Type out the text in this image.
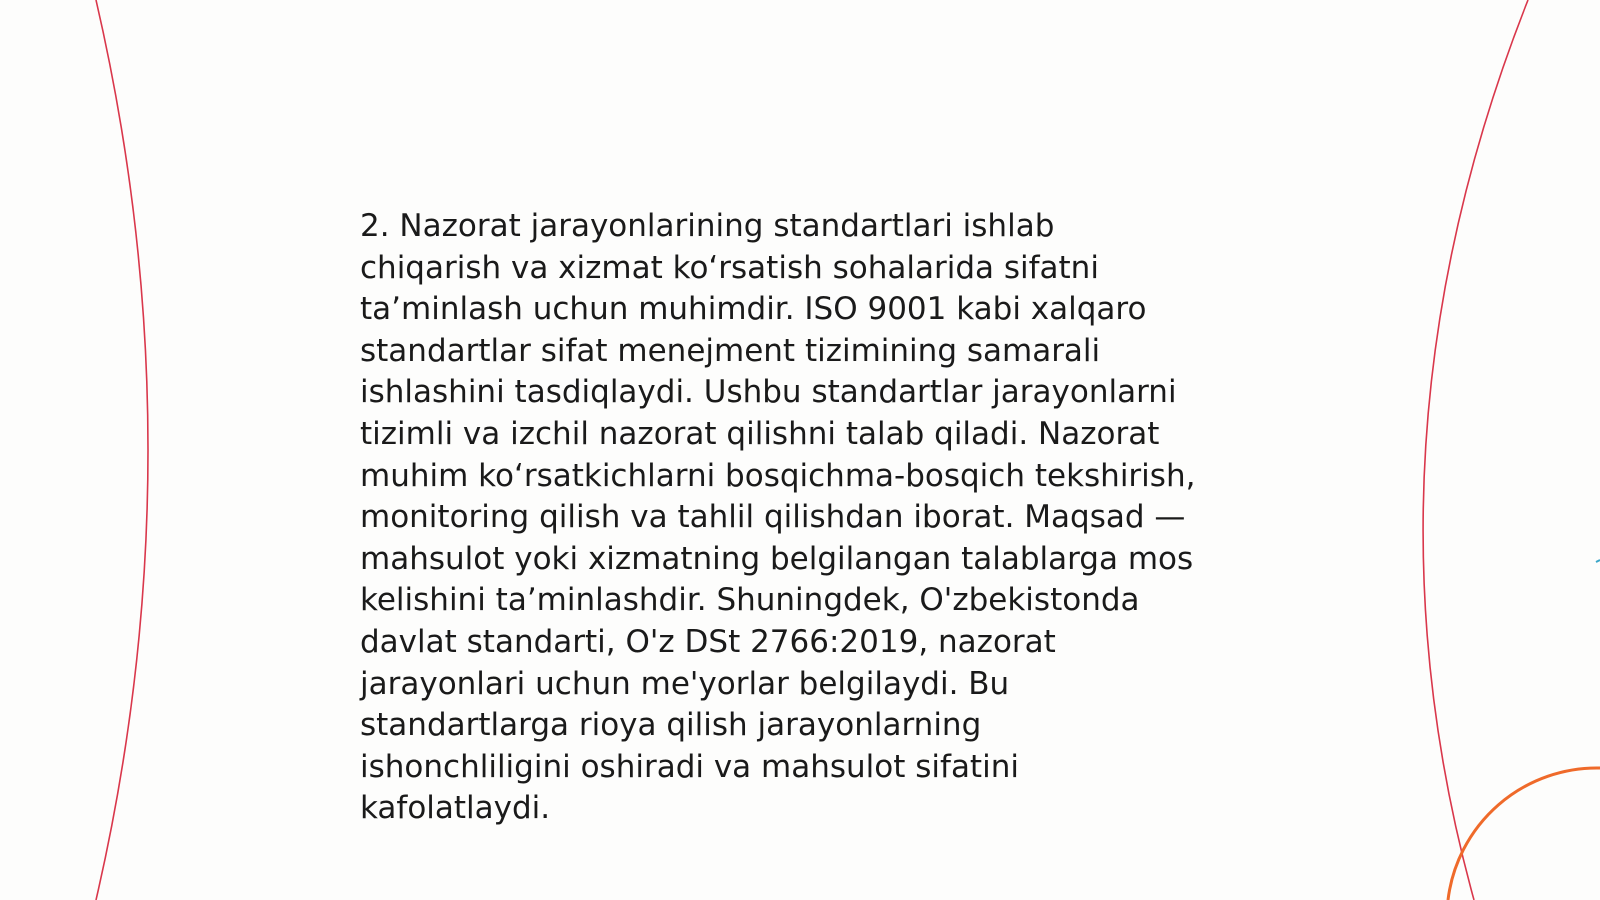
2. Nazorat jarayonlarining standartlari ishlab
chiqarish va xizmat koʻrsatish sohalarida sifatni
taʼminlash uchun muhimdir. ISO 9001 kabi xalqaro
standartlar sifat menejment tizimining samarali
ishlashini tasdiqlaydi. Ushbu standartlar jarayonlarni
tizimli va izchil nazorat qilishni talab qiladi. Nazorat
muhim koʻrsatkichlarni bosqichma-bosqich tekshirish,
monitoring qilish va tahlil qilishdan iborat. Maqsad —
mahsulot yoki xizmatning belgilangan talablarga mos
kelishini taʼminlashdir. Shuningdek, O'zbekistonda
davlat standarti, O'z DSt 2766:2019, nazorat
jarayonlari uchun me'yorlar belgilaydi. Bu
standartlarga rioya qilish jarayonlarning
ishonchliligini oshiradi va mahsulot sifatini
kafolatlaydi.
